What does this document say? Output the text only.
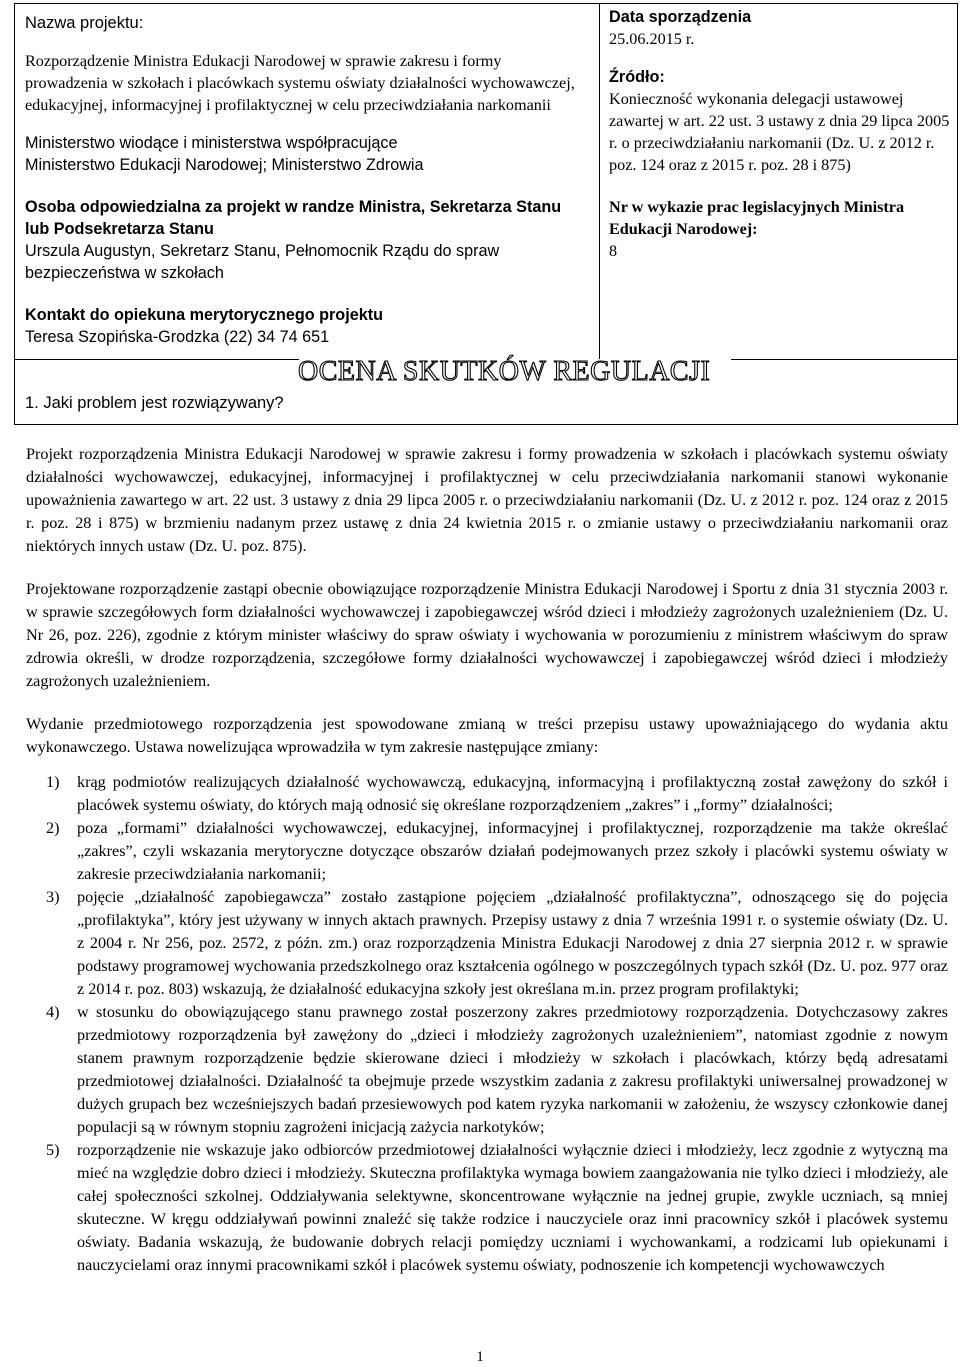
Nazwa projektu:
Rozporządzenie Ministra Edukacji Narodowej w sprawie zakresu i formy prowadzenia w szkołach i placówkach systemu oświaty działalności wychowawczej, edukacyjnej, informacyjnej i profilaktycznej w celu przeciwdziałania narkomanii
Ministerstwo wiodące i ministerstwa współpracujące
Ministerstwo Edukacji Narodowej; Ministerstwo Zdrowia
Osoba odpowiedzialna za projekt w randze Ministra, Sekretarza Stanu lub Podsekretarza Stanu
Urszula Augustyn, Sekretarz Stanu, Pełnomocnik Rządu do spraw bezpieczeństwa w szkołach
Kontakt do opiekuna merytorycznego projektu
Teresa Szopińska-Grodzka (22) 34 74 651
Data sporządzenia
25.06.2015 r.
Źródło:
Konieczność wykonania delegacji ustawowej zawartej w art. 22 ust. 3 ustawy z dnia 29 lipca 2005 r. o przeciwdziałaniu narkomanii (Dz. U. z 2012 r. poz. 124 oraz z 2015 r. poz. 28 i 875)
Nr w wykazie prac legislacyjnych Ministra Edukacji Narodowej:
8
OCENA SKUTKÓW REGULACJI
1. Jaki problem jest rozwiązywany?

Projekt rozporządzenia Ministra Edukacji Narodowej w sprawie zakresu i formy prowadzenia w szkołach i placówkach systemu oświaty działalności wychowawczej, edukacyjnej, informacyjnej i profilaktycznej w celu przeciwdziałania narkomanii stanowi wykonanie upoważnienia zawartego w art. 22 ust. 3 ustawy z dnia 29 lipca 2005 r. o przeciwdziałaniu narkomanii (Dz. U. z 2012 r. poz. 124 oraz z 2015 r. poz. 28 i 875) w brzmieniu nadanym przez ustawę z dnia 24 kwietnia 2015 r. o zmianie ustawy o przeciwdziałaniu narkomanii oraz niektórych innych ustaw (Dz. U. poz. 875).

Projektowane rozporządzenie zastąpi obecnie obowiązujące rozporządzenie Ministra Edukacji Narodowej i Sportu z dnia 31 stycznia 2003 r. w sprawie szczegółowych form działalności wychowawczej i zapobiegawczej wśród dzieci i młodzieży zagrożonych uzależnieniem (Dz. U. Nr 26, poz. 226), zgodnie z którym minister właściwy do spraw oświaty i wychowania w porozumieniu z ministrem właściwym do spraw zdrowia określi, w drodze rozporządzenia, szczegółowe formy działalności wychowawczej i zapobiegawczej wśród dzieci i młodzieży zagrożonych uzależnieniem.

Wydanie przedmiotowego rozporządzenia jest spowodowane zmianą w treści przepisu ustawy upoważniającego do wydania aktu wykonawczego. Ustawa nowelizująca wprowadziła w tym zakresie następujące zmiany:

1) krąg podmiotów realizujących działalność wychowawczą, edukacyjną, informacyjną i profilaktyczną został zawężony do szkół i placówek systemu oświaty, do których mają odnosić się określane rozporządzeniem „zakres” i „formy” działalności;
2) poza „formami” działalności wychowawczej, edukacyjnej, informacyjnej i profilaktycznej, rozporządzenie ma także określać „zakres”, czyli wskazania merytoryczne dotyczące obszarów działań podejmowanych przez szkoły i placówki systemu oświaty w zakresie przeciwdziałania narkomanii;
3) pojęcie „działalność zapobiegawcza” zostało zastąpione pojęciem „działalność profilaktyczna”, odnoszącego się do pojęcia „profilaktyka”, który jest używany w innych aktach prawnych. Przepisy ustawy z dnia 7 września 1991 r. o systemie oświaty (Dz. U. z 2004 r. Nr 256, poz. 2572, z późn. zm.) oraz rozporządzenia Ministra Edukacji Narodowej z dnia 27 sierpnia 2012 r. w sprawie podstawy programowej wychowania przedszkolnego oraz kształcenia ogólnego w poszczególnych typach szkół (Dz. U. poz. 977 oraz z 2014 r. poz. 803) wskazują, że działalność edukacyjna szkoły jest określana m.in. przez program profilaktyki;
4) w stosunku do obowiązującego stanu prawnego został poszerzony zakres przedmiotowy rozporządzenia. Dotychczasowy zakres przedmiotowy rozporządzenia był zawężony do „dzieci i młodzieży zagrożonych uzależnieniem”, natomiast zgodnie z nowym stanem prawnym rozporządzenie będzie skierowane dzieci i młodzieży w szkołach i placówkach, którzy będą adresatami przedmiotowej działalności. Działalność ta obejmuje przede wszystkim zadania z zakresu profilaktyki uniwersalnej prowadzonej w dużych grupach bez wcześniejszych badań przesiewowych pod katem ryzyka narkomanii w założeniu, że wszyscy członkowie danej populacji są w równym stopniu zagrożeni inicjacją zażycia narkotyków;
5) rozporządzenie nie wskazuje jako odbiorców przedmiotowej działalności wyłącznie dzieci i młodzieży, lecz zgodnie z wytyczną ma mieć na względzie dobro dzieci i młodzieży. Skuteczna profilaktyka wymaga bowiem zaangażowania nie tylko dzieci i młodzieży, ale całej społeczności szkolnej. Oddziaływania selektywne, skoncentrowane wyłącznie na jednej grupie, zwykle uczniach, są mniej skuteczne. W kręgu oddziaływań powinni znaleźć się także rodzice i nauczyciele oraz inni pracownicy szkół i placówek systemu oświaty. Badania wskazują, że budowanie dobrych relacji pomiędzy uczniami i wychowankami, a rodzicami lub opiekunami i nauczycielami oraz innymi pracownikami szkół i placówek systemu oświaty, podnoszenie ich kompetencji wychowawczych
1
